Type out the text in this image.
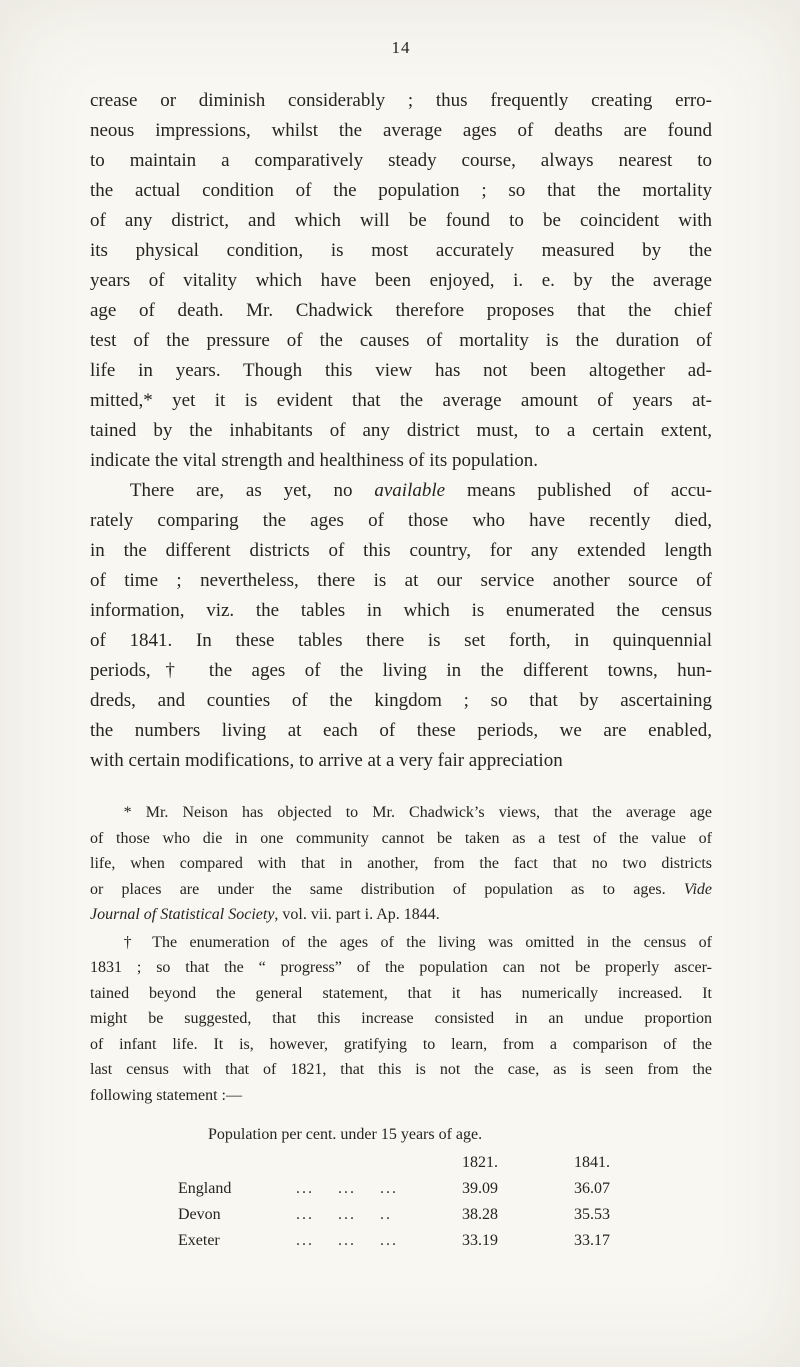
14
crease or diminish considerably ; thus frequently creating erro-
neous impressions, whilst the average ages of deaths are found
to maintain a comparatively steady course, always nearest to
the actual condition of the population ; so that the mortality
of any district, and which will be found to be coincident with
its physical condition, is most accurately measured by the
years of vitality which have been enjoyed, i. e. by the average
age of death. Mr. Chadwick therefore proposes that the chief
test of the pressure of the causes of mortality is the duration of
life in years. Though this view has not been altogether ad-
mitted,* yet it is evident that the average amount of years at-
tained by the inhabitants of any district must, to a certain extent,
indicate the vital strength and healthiness of its population.
There are, as yet, no available means published of accu-
rately comparing the ages of those who have recently died,
in the different districts of this country, for any extended length
of time ; nevertheless, there is at our service another source of
information, viz. the tables in which is enumerated the census
of 1841. In these tables there is set forth, in quinquennial
periods,† the ages of the living in the different towns, hun-
dreds, and counties of the kingdom ; so that by ascertaining
the numbers living at each of these periods, we are enabled,
with certain modifications, to arrive at a very fair appreciation
* Mr. Neison has objected to Mr. Chadwick’s views, that the average age
of those who die in one community cannot be taken as a test of the value of
life, when compared with that in another, from the fact that no two districts
or places are under the same distribution of population as to ages. Vide
Journal of Statistical Society, vol. vii. part i. Ap. 1844.
† The enumeration of the ages of the living was omitted in the census of
1831 ; so that the “ progress” of the population can not be properly ascer-
tained beyond the general statement, that it has numerically increased. It
might be suggested, that this increase consisted in an undue proportion
of infant life. It is, however, gratifying to learn, from a comparison of the
last census with that of 1821, that this is not the case, as is seen from the
following statement :—
Population per cent. under 15 years of age.
1821.	1841.
England	... ... ...	39.09	36.07
Devon	... ... ..	38.28	35.53
Exeter	... ... ...	33.19	33.17
